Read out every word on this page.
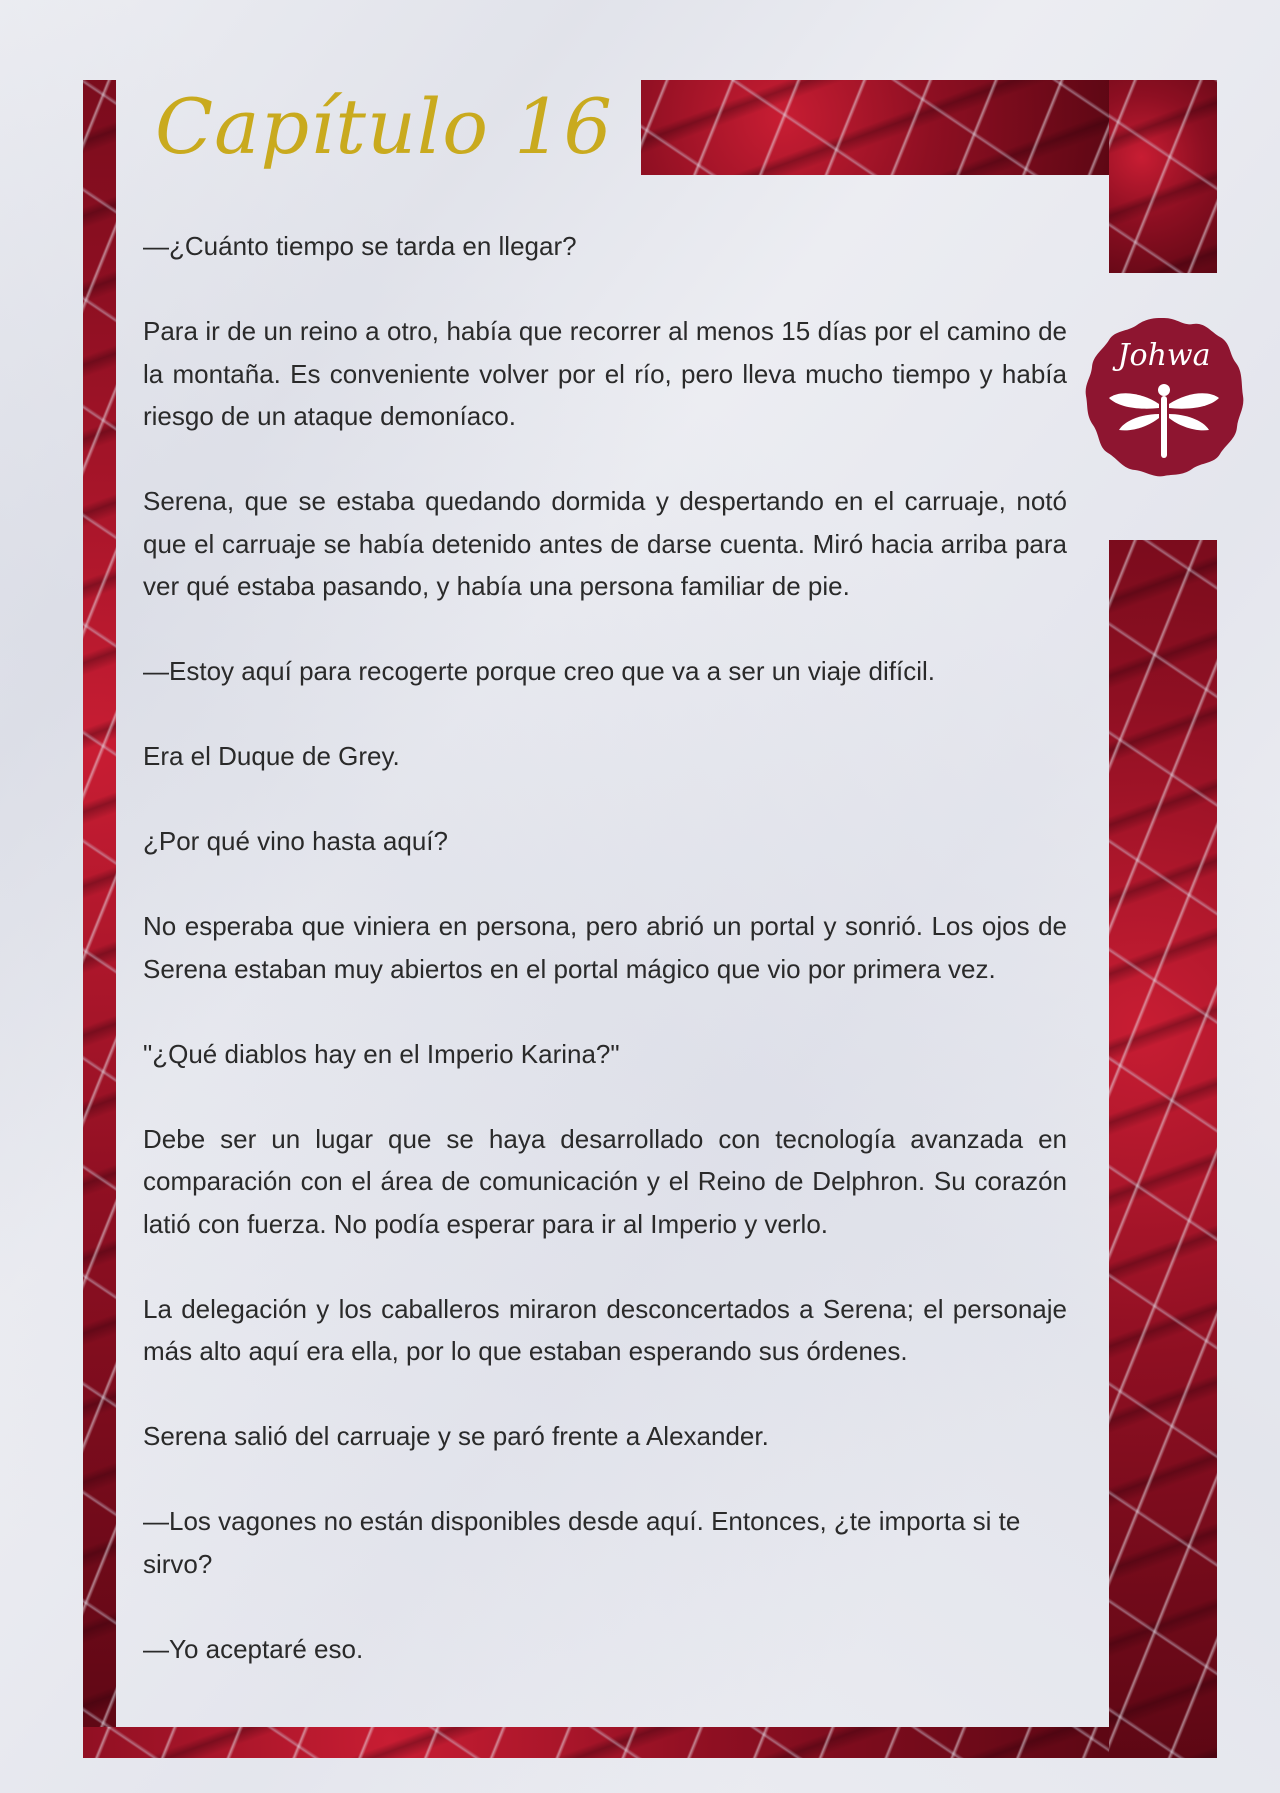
Capítulo 16
Johwa

—¿Cuánto tiempo se tarda en llegar?

Para ir de un reino a otro, había que recorrer al menos 15 días por el camino de la montaña. Es conveniente volver por el río, pero lleva mucho tiempo y había riesgo de un ataque demoníaco.

Serena, que se estaba quedando dormida y despertando en el carruaje, notó que el carruaje se había detenido antes de darse cuenta. Miró hacia arriba para ver qué estaba pasando, y había una persona familiar de pie.

—Estoy aquí para recogerte porque creo que va a ser un viaje difícil.

Era el Duque de Grey.

¿Por qué vino hasta aquí?

No esperaba que viniera en persona, pero abrió un portal y sonrió. Los ojos de Serena estaban muy abiertos en el portal mágico que vio por primera vez.

"¿Qué diablos hay en el Imperio Karina?"

Debe ser un lugar que se haya desarrollado con tecnología avanzada en comparación con el área de comunicación y el Reino de Delphron. Su corazón latió con fuerza. No podía esperar para ir al Imperio y verlo.

La delegación y los caballeros miraron desconcertados a Serena; el personaje más alto aquí era ella, por lo que estaban esperando sus órdenes.

Serena salió del carruaje y se paró frente a Alexander.

—Los vagones no están disponibles desde aquí. Entonces, ¿te importa si te sirvo?

—Yo aceptaré eso.
